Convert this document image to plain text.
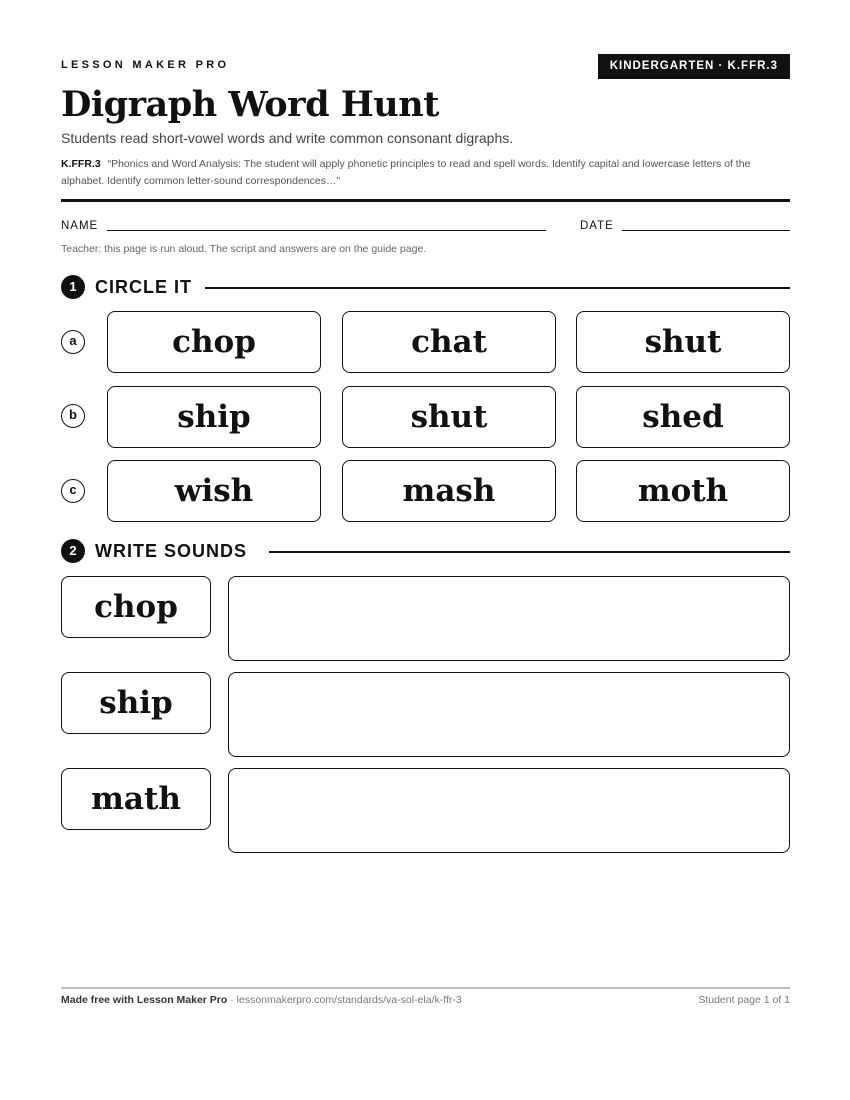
LESSON MAKER PRO	KINDERGARTEN · K.FFR.3
Digraph Word Hunt
Students read short-vowel words and write common consonant digraphs.
K.FFR.3 “Phonics and Word Analysis: The student will apply phonetic principles to read and spell words. Identify capital and lowercase letters of the alphabet. Identify common letter-sound correspondences…”
NAME	DATE
Teacher: this page is run aloud. The script and answers are on the guide page.
1	CIRCLE IT
a	chop	chat	shut
b	ship	shut	shed
c	wish	mash	moth
2	WRITE SOUNDS
chop
ship
math
Made free with Lesson Maker Pro · lessonmakerpro.com/standards/va-sol-ela/k-ffr-3	Student page 1 of 1
